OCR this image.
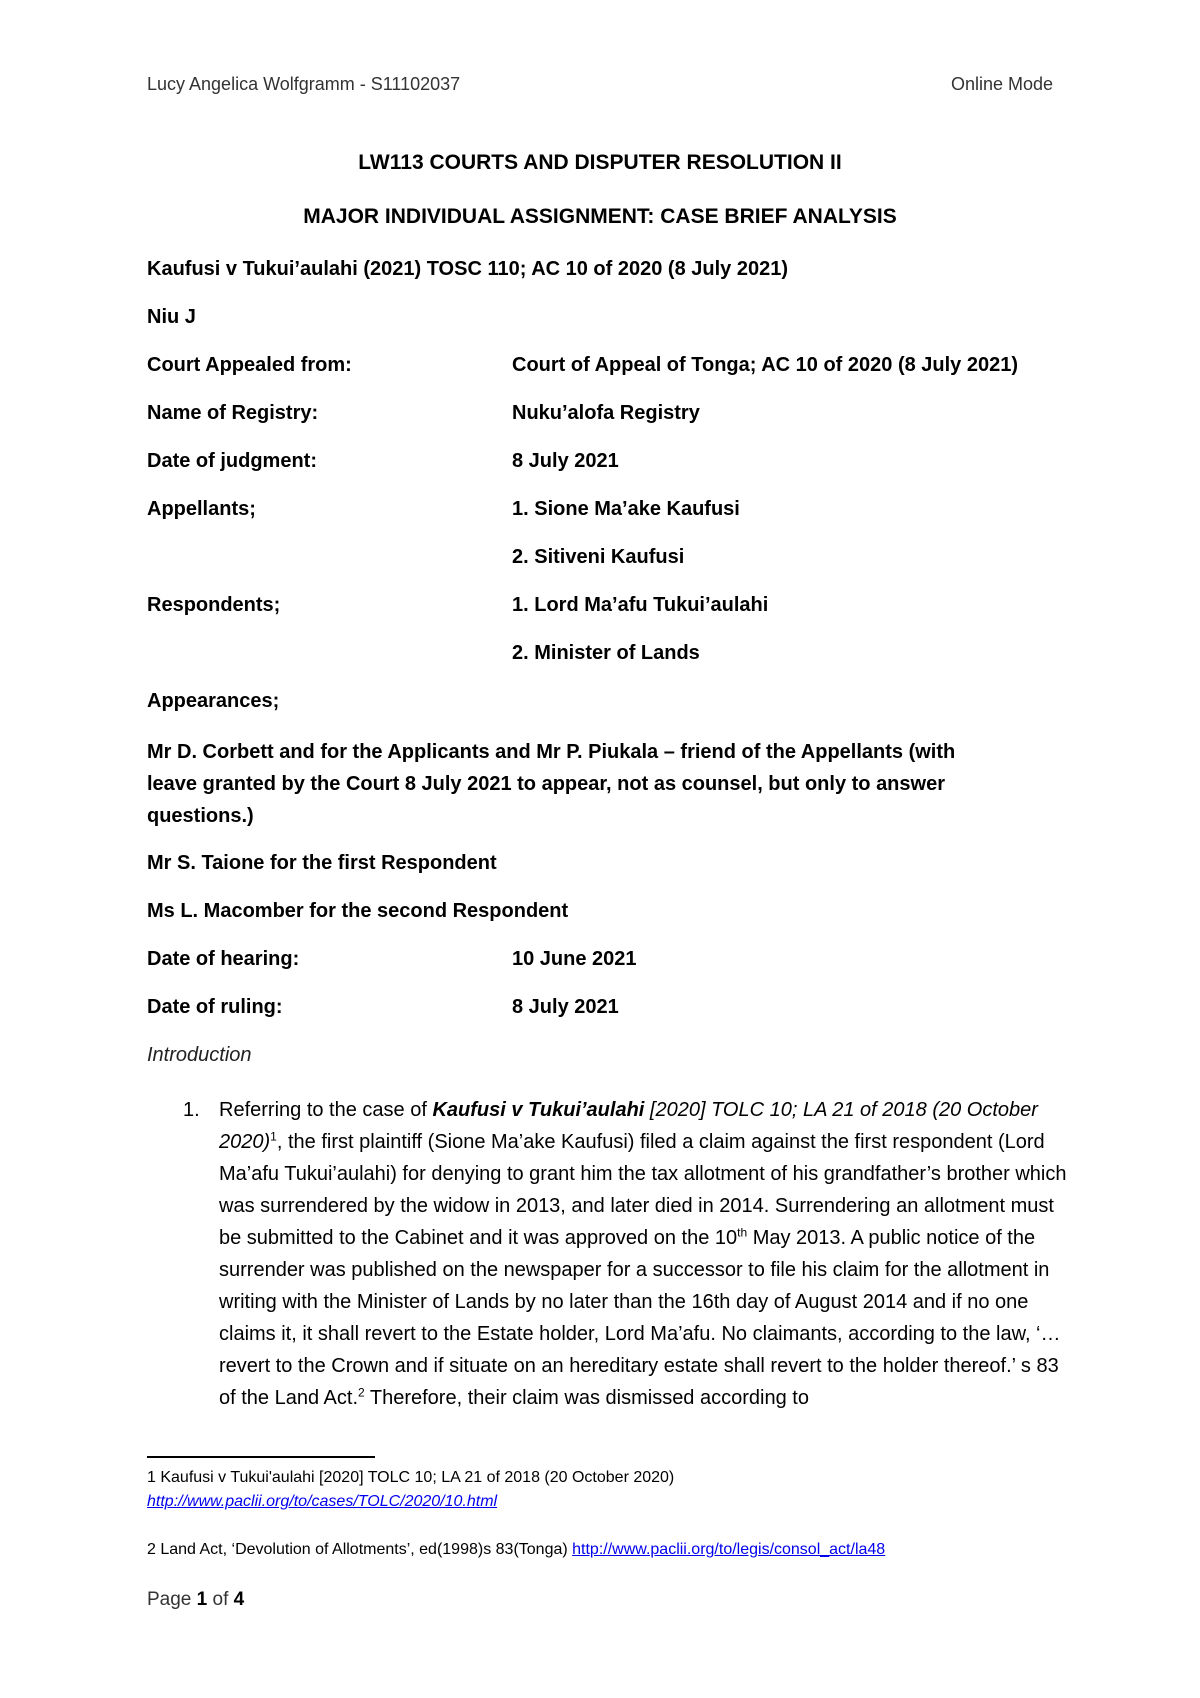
Lucy Angelica Wolfgramm - S11102037	Online Mode
LW113 COURTS AND DISPUTER RESOLUTION II
MAJOR INDIVIDUAL ASSIGNMENT: CASE BRIEF ANALYSIS
Kaufusi v Tukui’aulahi (2021) TOSC 110; AC 10 of 2020 (8 July 2021)
Niu J
Court Appealed from:	Court of Appeal of Tonga; AC 10 of 2020 (8 July 2021)
Name of Registry:	Nuku’alofa Registry
Date of judgment:	8 July 2021
Appellants;	1. Sione Ma’ake Kaufusi
2. Sitiveni Kaufusi
Respondents;	1. Lord Ma’afu Tukui’aulahi
2. Minister of Lands
Appearances;
Mr D. Corbett and for the Applicants and Mr P. Piukala – friend of the Appellants (with
leave granted by the Court 8 July 2021 to appear, not as counsel, but only to answer
questions.)
Mr S. Taione for the first Respondent
Ms L. Macomber for the second Respondent
Date of hearing:	10 June 2021
Date of ruling:	8 July 2021
Introduction
1. Referring to the case of Kaufusi v Tukui’aulahi [2020] TOLC 10; LA 21 of 2018 (20 October 2020)$^1$, the first plaintiff (Sione Ma’ake Kaufusi) filed a claim against the first respondent (Lord Ma’afu Tukui’aulahi) for denying to grant him the tax allotment of his grandfather’s brother which was surrendered by the widow in 2013, and later died in 2014. Surrendering an allotment must be submitted to the Cabinet and it was approved on the 10th May 2013. A public notice of the surrender was published on the newspaper for a successor to file his claim for the allotment in writing with the Minister of Lands by no later than the 16th day of August 2014 and if no one claims it, it shall revert to the Estate holder, Lord Ma’afu. No claimants, according to the law, ‘…revert to the Crown and if situate on an hereditary estate shall revert to the holder thereof.’ s 83 of the Land Act.$^2$ Therefore, their claim was dismissed according to
1 Kaufusi v Tukui'aulahi [2020] TOLC 10; LA 21 of 2018 (20 October 2020)
http://www.paclii.org/to/cases/TOLC/2020/10.html
2 Land Act, ‘Devolution of Allotments’, ed(1998)s 83(Tonga) http://www.paclii.org/to/legis/consol_act/la48
Page 1 of 4
